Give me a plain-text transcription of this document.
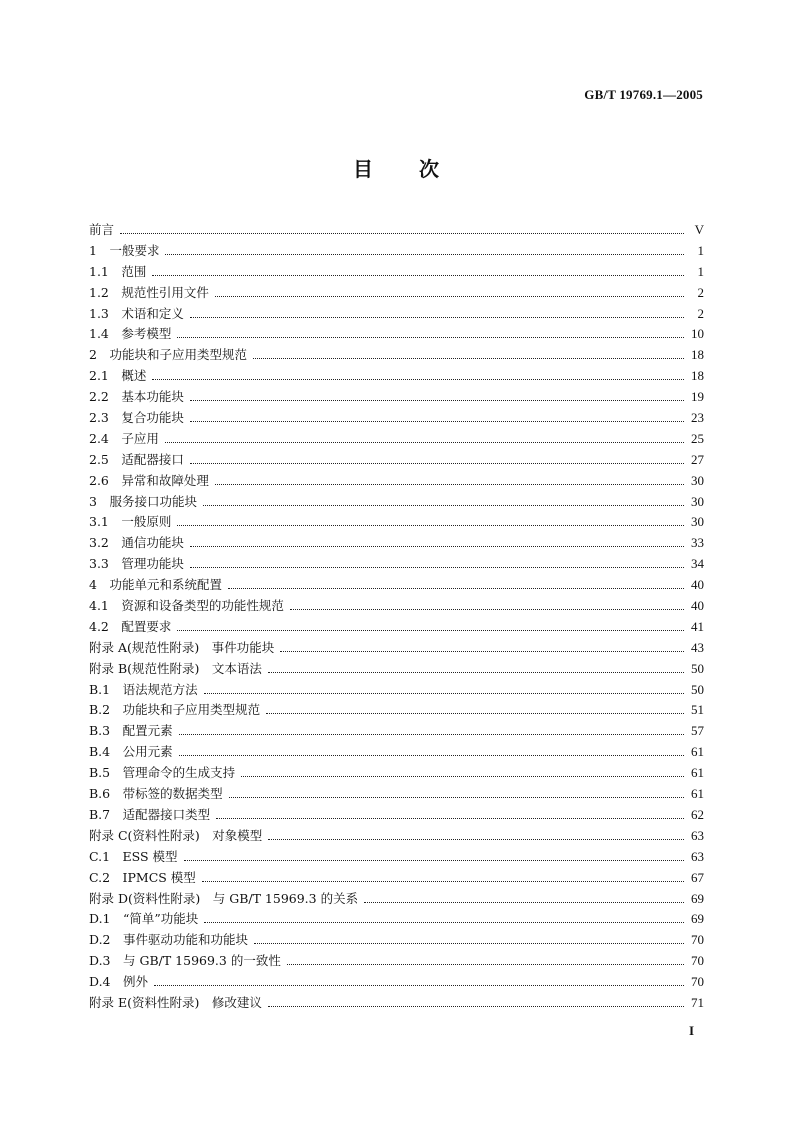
GB/T 19769.1—2005
目　　次
前言	V
1　一般要求	1
1.1　范围	1
1.2　规范性引用文件	2
1.3　术语和定义	2
1.4　参考模型	10
2　功能块和子应用类型规范	18
2.1　概述	18
2.2　基本功能块	19
2.3　复合功能块	23
2.4　子应用	25
2.5　适配器接口	27
2.6　异常和故障处理	30
3　服务接口功能块	30
3.1　一般原则	30
3.2　通信功能块	33
3.3　管理功能块	34
4　功能单元和系统配置	40
4.1　资源和设备类型的功能性规范	40
4.2　配置要求	41
附录 A(规范性附录)　事件功能块	43
附录 B(规范性附录)　文本语法	50
B.1　语法规范方法	50
B.2　功能块和子应用类型规范	51
B.3　配置元素	57
B.4　公用元素	61
B.5　管理命令的生成支持	61
B.6　带标签的数据类型	61
B.7　适配器接口类型	62
附录 C(资料性附录)　对象模型	63
C.1　ESS 模型	63
C.2　IPMCS 模型	67
附录 D(资料性附录)　与 GB/T 15969.3 的关系	69
D.1　“简单”功能块	69
D.2　事件驱动功能和功能块	70
D.3　与 GB/T 15969.3 的一致性	70
D.4　例外	70
附录 E(资料性附录)　修改建议	71
I
